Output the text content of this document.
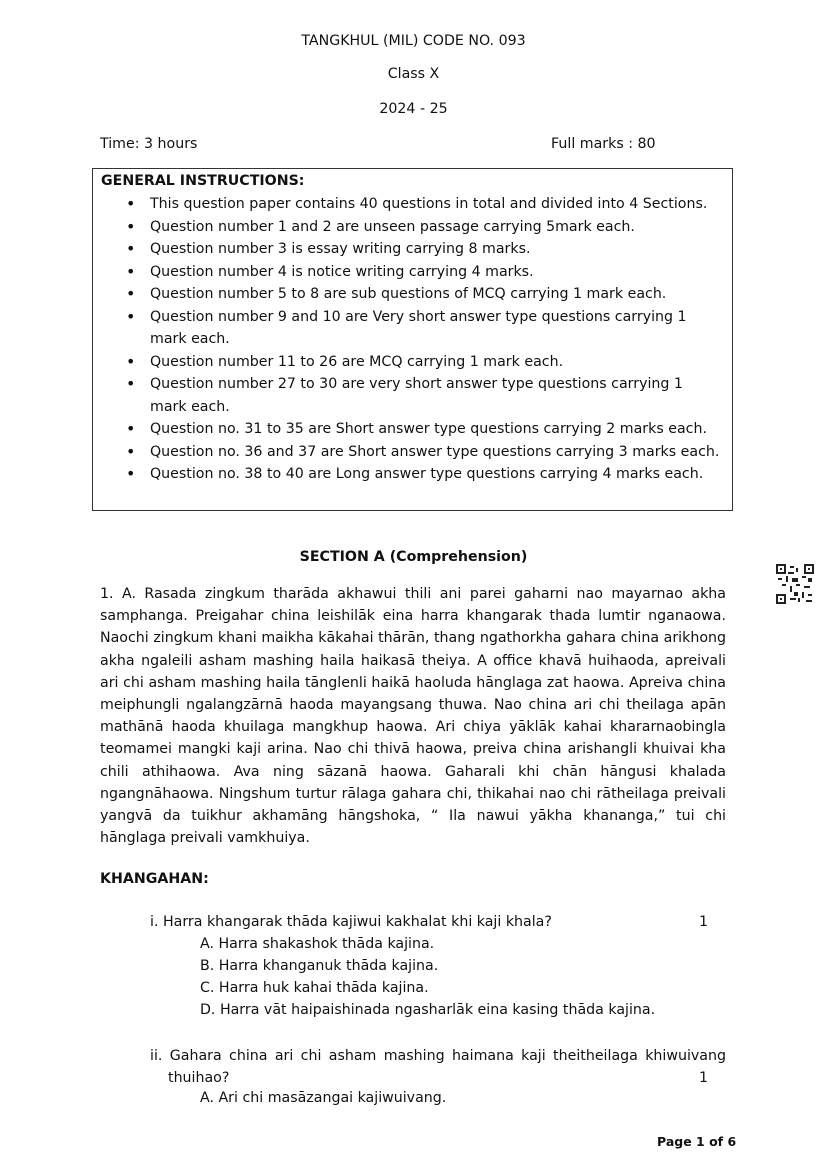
TANGKHUL (MIL) CODE NO. 093
Class X
2024 - 25
Time: 3 hours	Full marks : 80
GENERAL INSTRUCTIONS:
• This question paper contains 40 questions in total and divided into 4 Sections.
• Question number 1 and 2 are unseen passage carrying 5mark each.
• Question number 3 is essay writing carrying 8 marks.
• Question number 4 is notice writing carrying 4 marks.
• Question number 5 to 8 are sub questions of MCQ carrying 1 mark each.
• Question number 9 and 10 are Very short answer type questions carrying 1 mark each.
• Question number 11 to 26 are MCQ carrying 1 mark each.
• Question number 27 to 30 are very short answer type questions carrying 1 mark each.
• Question no. 31 to 35 are Short answer type questions carrying 2 marks each.
• Question no. 36 and 37 are Short answer type questions carrying 3 marks each.
• Question no. 38 to 40 are Long answer type questions carrying 4 marks each.
SECTION A (Comprehension)
1. A. Rasada zingkum tharāda akhawui thili ani parei gaharni nao mayarnao akha samphanga. Preigahar china leishilāk eina harra khangarak thada lumtir nganaowa. Naochi zingkum khani maikha kākahai thārān, thang ngathorkha gahara china arikhong akha ngaleili asham mashing haila haikasā theiya. A office khavā huihaoda, apreivali ari chi asham mashing haila tānglenli haikā haoluda hānglaga zat haowa. Apreiva china meiphungli ngalangzārnā haoda mayangsang thuwa. Nao china ari chi theilaga apān mathānā haoda khuilaga mangkhup haowa. Ari chiya yāklāk kahai khararnaobingla teomamei mangki kaji arina. Nao chi thivā haowa, preiva china arishangli khuivai kha chili athihaowa. Ava ning sāzanā haowa. Gaharali khi chān hāngusi khalada ngangnāhaowa. Ningshum turtur rālaga gahara chi, thikahai nao chi rātheilaga preivali yangvā da tuikhur akhamāng hāngshoka, “ Ila nawui yākha khananga,” tui chi hānglaga preivali vamkhuiya.
KHANGAHAN:
i. Harra khangarak thāda kajiwui kakhalat khi kaji khala?	1
A. Harra shakashok thāda kajina.
B. Harra khanganuk thāda kajina.
C. Harra huk kahai thāda kajina.
D. Harra vāt haipaishinada ngasharlāk eina kasing thāda kajina.
ii. Gahara china ari chi asham mashing haimana kaji theitheilaga khiwuivang
thuihao?	1
A. Ari chi masāzangai kajiwuivang.
Page 1 of 6
